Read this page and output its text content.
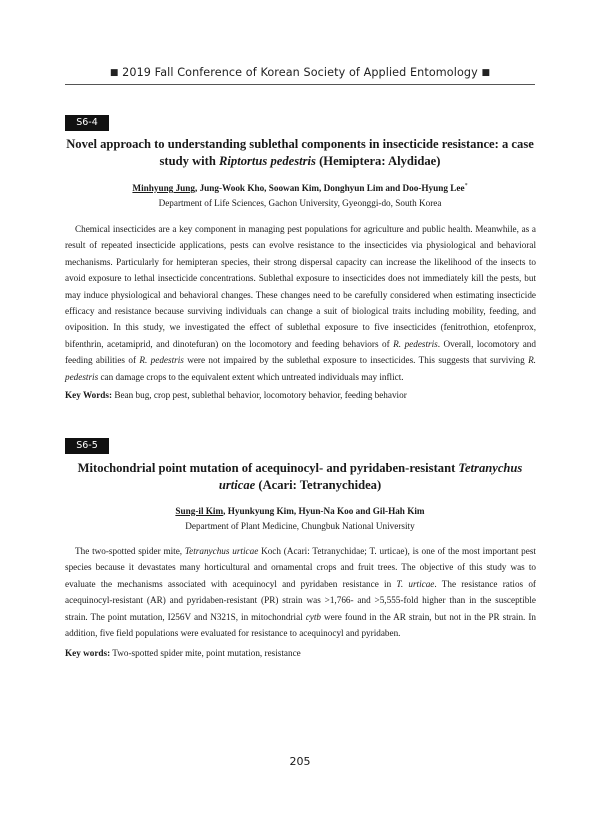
■ 2019 Fall Conference of Korean Society of Applied Entomology ■
S6-4
Novel approach to understanding sublethal components in insecticide resistance: a case study with Riptortus pedestris (Hemiptera: Alydidae)
Minhyung Jung, Jung-Wook Kho, Soowan Kim, Donghyun Lim and Doo-Hyung Lee*
Department of Life Sciences, Gachon University, Gyeonggi-do, South Korea

Chemical insecticides are a key component in managing pest populations for agriculture and public health. Meanwhile, as a result of repeated insecticide applications, pests can evolve resistance to the insecticides via physiological and behavioral mechanisms. Particularly for hemipteran species, their strong dispersal capacity can increase the likelihood of the insects to avoid exposure to lethal insecticide concentrations. Sublethal exposure to insecticides does not immediately kill the pests, but may induce physiological and behavioral changes. These changes need to be carefully considered when estimating insecticide efficacy and resistance because surviving individuals can change a suit of biological traits including mobility, feeding, and oviposition. In this study, we investigated the effect of sublethal exposure to five insecticides (fenitrothion, etofenprox, bifenthrin, acetamiprid, and dinotefuran) on the locomotory and feeding behaviors of R. pedestris. Overall, locomotory and feeding abilities of R. pedestris were not impaired by the sublethal exposure to insecticides. This suggests that surviving R. pedestris can damage crops to the equivalent extent which untreated individuals may inflict.

Key Words: Bean bug, crop pest, sublethal behavior, locomotory behavior, feeding behavior
S6-5
Mitochondrial point mutation of acequinocyl- and pyridaben-resistant Tetranychus urticae (Acari: Tetranychidea)
Sung-il Kim, Hyunkyung Kim, Hyun-Na Koo and Gil-Hah Kim
Department of Plant Medicine, Chungbuk National University

The two-spotted spider mite, Tetranychus urticae Koch (Acari: Tetranychidae; T. urticae), is one of the most important pest species because it devastates many horticultural and ornamental crops and fruit trees. The objective of this study was to evaluate the mechanisms associated with acequinocyl and pyridaben resistance in T. urticae. The resistance ratios of acequinocyl-resistant (AR) and pyridaben-resistant (PR) strain was >1,766- and >5,555-fold higher than in the susceptible strain. The point mutation, I256V and N321S, in mitochondrial cytb were found in the AR strain, but not in the PR strain. In addition, five field populations were evaluated for resistance to acequinocyl and pyridaben.

Key words: Two-spotted spider mite, point mutation, resistance
205
